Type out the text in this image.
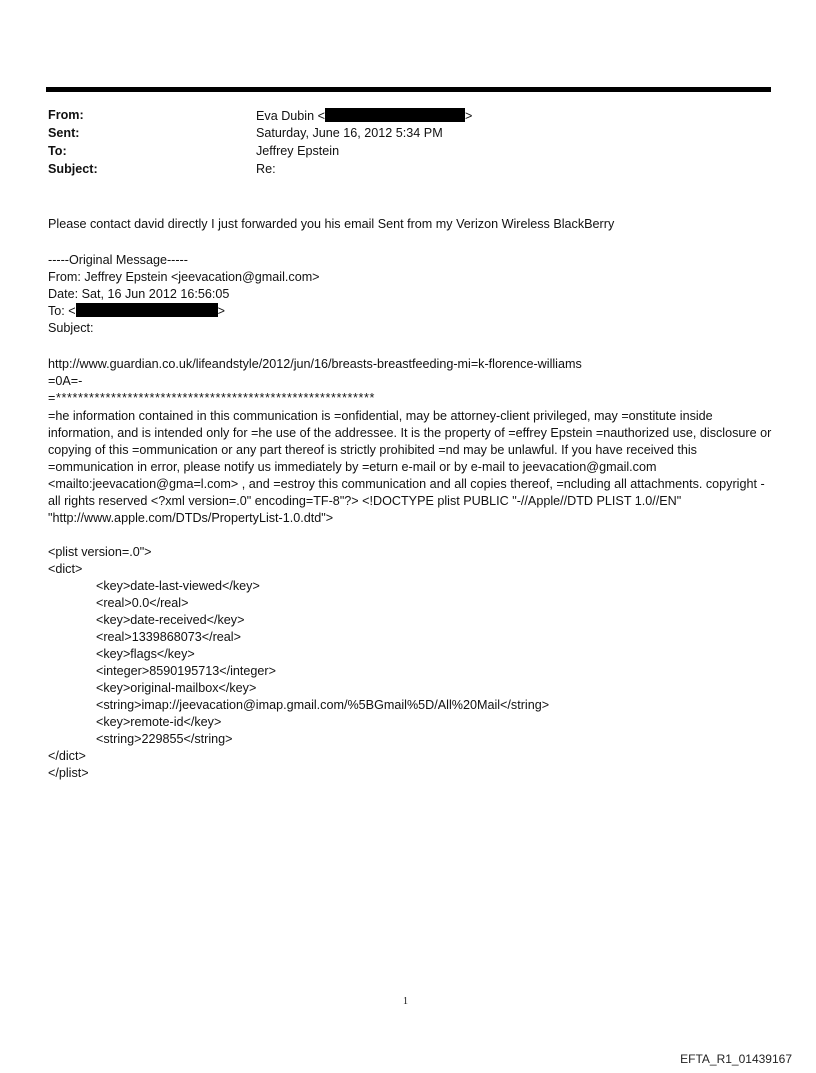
From:	Eva Dubin <	>
Sent:	Saturday, June 16, 2012 5:34 PM
To:	Jeffrey Epstein
Subject:	Re:
Please contact david directly I just forwarded you his email Sent from my Verizon Wireless BlackBerry
-----Original Message-----
From: Jeffrey Epstein <jeevacation@gmail.com>
Date: Sat, 16 Jun 2012 16:56:05
To: <	>
Subject:
http://www.guardian.co.uk/lifeandstyle/2012/jun/16/breasts-breastfeeding-mi=k-florence-williams
=0A=-
=**********************************************************
=he information contained in this communication is =onfidential, may be attorney-client privileged, may =onstitute inside information, and is intended only for =he use of the addressee. It is the property of =effrey Epstein =nauthorized use, disclosure or copying of this =ommunication or any part thereof is strictly prohibited =nd may be unlawful. If you have received this =ommunication in error, please notify us immediately by =eturn e-mail or by e-mail to jeevacation@gmail.com <mailto:jeevacation@gma=l.com> , and =estroy this communication and all copies thereof, =ncluding all attachments. copyright -all rights reserved <?xml version=.0" encoding=TF-8"?> <!DOCTYPE plist PUBLIC "-//Apple//DTD PLIST 1.0//EN" "http://www.apple.com/DTDs/PropertyList-1.0.dtd">
<plist version=.0">
<dict>
<key>date-last-viewed</key>
<real>0.0</real>
<key>date-received</key>
<real>1339868073</real>
<key>flags</key>
<integer>8590195713</integer>
<key>original-mailbox</key>
<string>imap://jeevacation@imap.gmail.com/%5BGmail%5D/All%20Mail</string>
<key>remote-id</key>
<string>229855</string>
</dict>
</plist>
1
EFTA_R1_01439167
